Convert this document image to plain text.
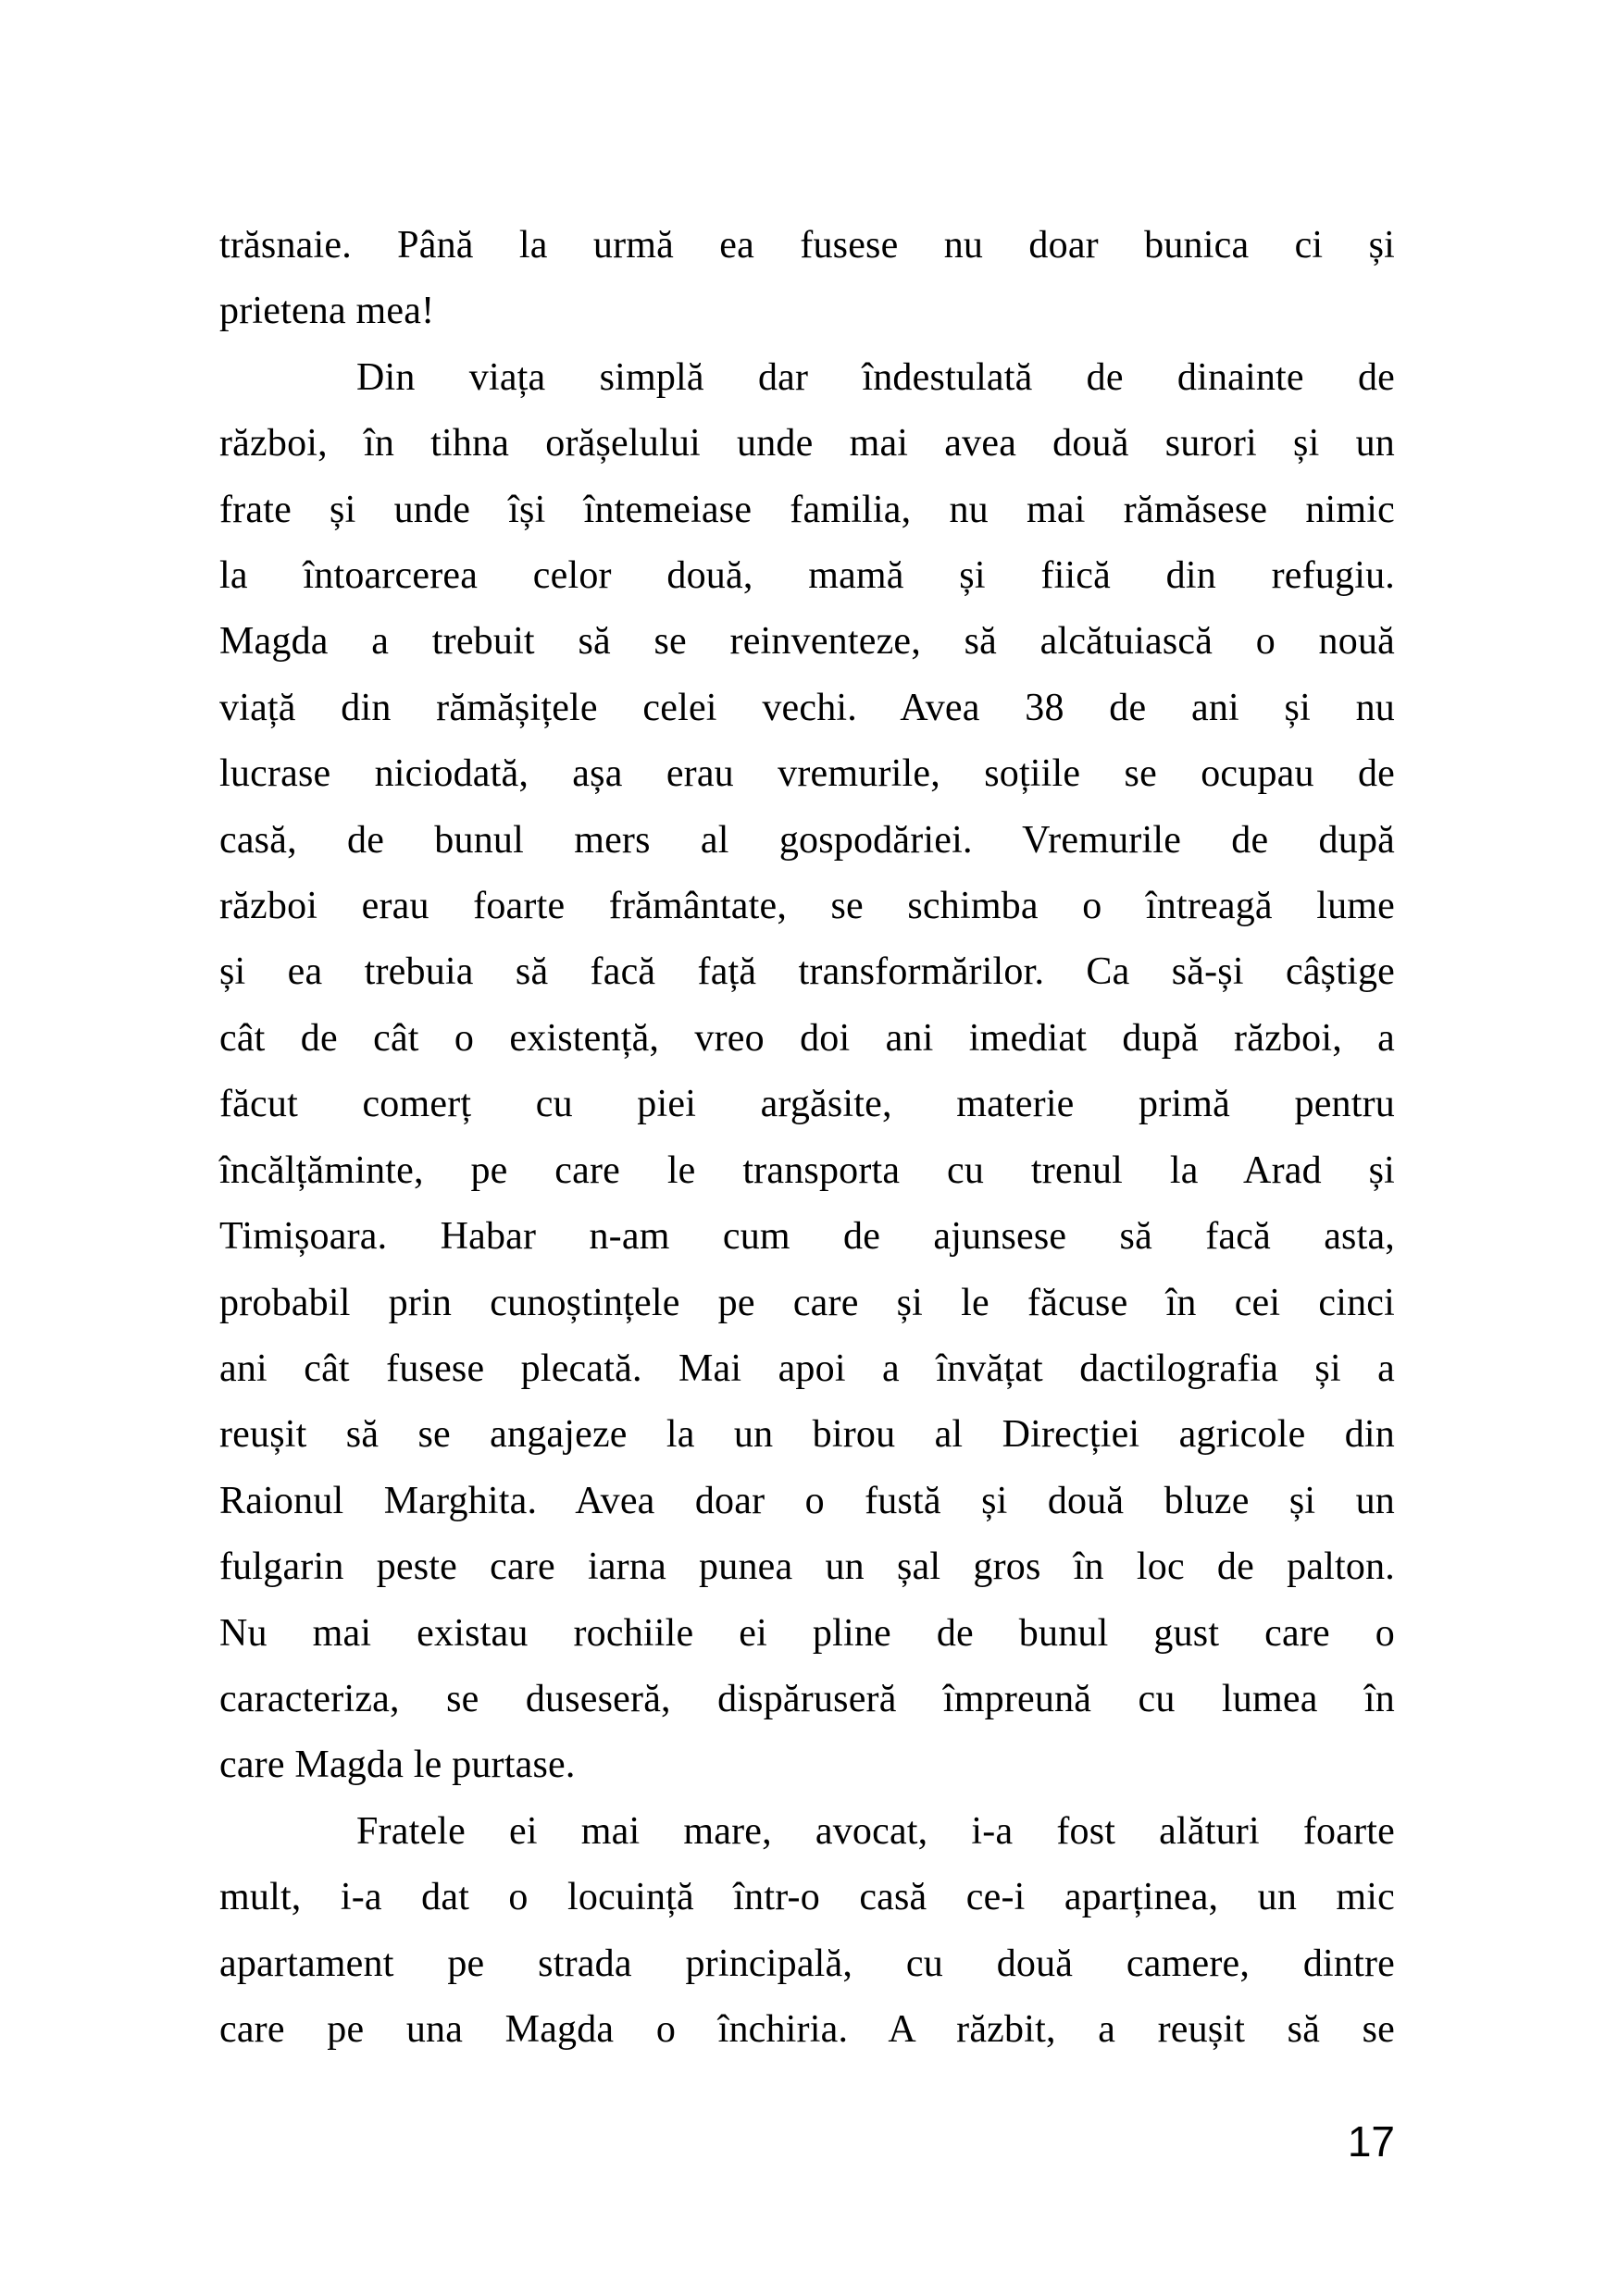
trăsnaie. Până la urmă ea fusese nu doar bunica ci și
prietena mea!
Din viața simplă dar îndestulată de dinainte de
război, în tihna orășelului unde mai avea două surori și un
frate și unde își întemeiase familia, nu mai rămăsese nimic
la întoarcerea celor două, mamă și fiică din refugiu.
Magda a trebuit să se reinventeze, să alcătuiască o nouă
viață din rămășițele celei vechi. Avea 38 de ani și nu
lucrase niciodată, așa erau vremurile, soțiile se ocupau de
casă, de bunul mers al gospodăriei. Vremurile de după
război erau foarte frământate, se schimba o întreagă lume
și ea trebuia să facă față transformărilor. Ca să-și câștige
cât de cât o existență, vreo doi ani imediat după război, a
făcut comerț cu piei argăsite, materie primă pentru
încălțăminte, pe care le transporta cu trenul la Arad și
Timișoara. Habar n-am cum de ajunsese să facă asta,
probabil prin cunoștințele pe care și le făcuse în cei cinci
ani cât fusese plecată. Mai apoi a învățat dactilografia și a
reușit să se angajeze la un birou al Direcției agricole din
Raionul Marghita. Avea doar o fustă și două bluze și un
fulgarin peste care iarna punea un șal gros în loc de palton.
Nu mai existau rochiile ei pline de bunul gust care o
caracteriza, se duseseră, dispăruseră împreună cu lumea în
care Magda le purtase.
Fratele ei mai mare, avocat, i-a fost alături foarte
mult, i-a dat o locuință într-o casă ce-i aparținea, un mic
apartament pe strada principală, cu două camere, dintre
care pe una Magda o închiria. A răzbit, a reușit să se
17
